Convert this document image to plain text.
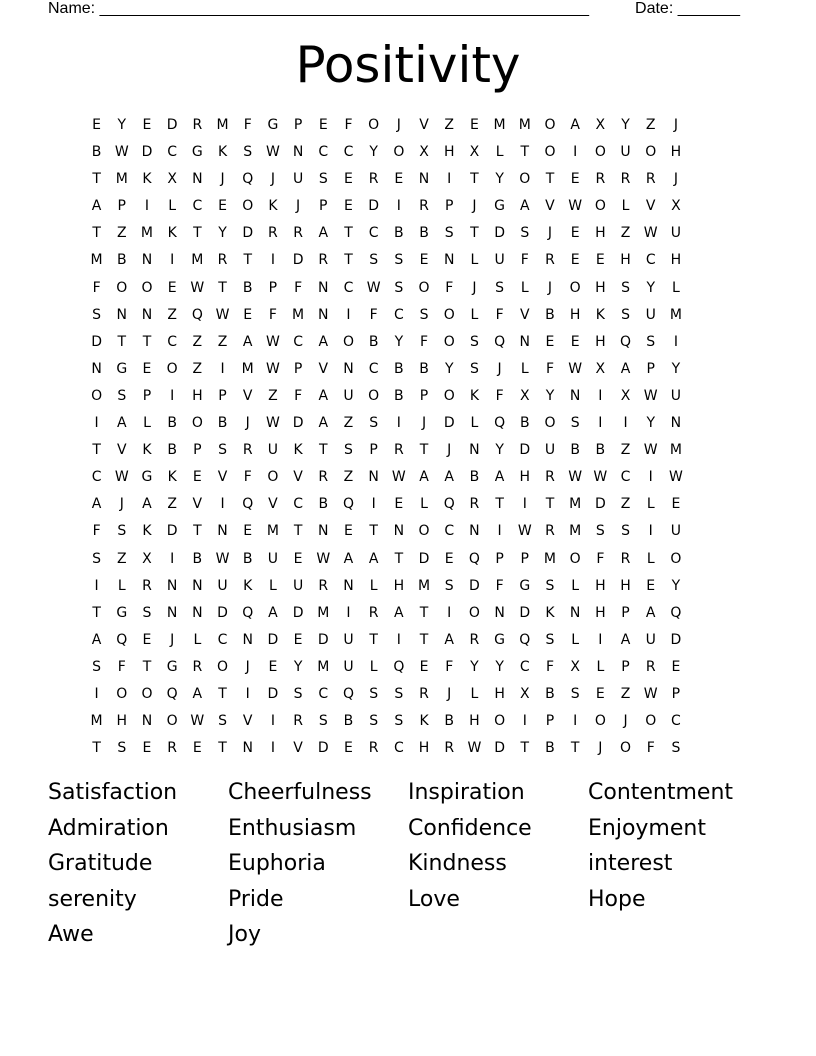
Name: _______________________________________________________	Date: _______
Positivity
E	Y	E	D	R	M	F	G	P	E	F	O	J	V	Z	E	M M O	A	X	Y	Z	J
B W D	C	G	K	S W N	C	C	Y	O	X	H	X	L	T	O	I	O	U	O	H
T	M	K	X	N	J	Q	J	U	S	E	R	E	N	I	T	Y	O	T	E	R	R	R	J
A	P	I	L	C	E	O	K	J	P	E	D	I	R	P	J	G	A	V W O	L	V	X
T	Z	M	K	T	Y	D	R	R	A	T	C	B	B	S	T	D	S	J	E	H	Z W U
M	B	N	I	M	R	T	I	D	R	T	S	S	E	N	L	U	F	R	E	E	H	C	H
F	O	O	E W T	B	P	F	N	C W S	O	F	J	S	L	J	O	H	S	Y	L
S	N	N	Z	Q W E	F	M N	I	F	C	S	O	L	F	V	B	H	K	S	U	M
D	T	T	C	Z	Z	A W C	A	O	B	Y	F	O	S	Q	N	E	E	H	Q	S	I
N	G	E	O	Z	I	M W	P	V	N	C	B	B	Y	S	J	L	F	W X	A	P	Y
O	S	P	I	H	P	V	Z	F	A	U	O	B	P	O	K	F	X	Y	N	I	X W U
I	A	L	B	O	B	J	W D	A	Z	S	I	J	D	L	Q	B	O	S	I	I	Y	N
T	V	K	B	P	S	R	U	K	T	S	P	R	T	J	N	Y	D	U	B	B	Z W M
C W G	K	E	V	F	O	V	R	Z	N W A	A	B	A	H	R W W C	I	W
A	J	A	Z	V	I	Q	V	C	B	Q	I	E	L	Q	R	T	I	T	M D	Z	L	E
F	S	K	D	T	N	E	M	T	N	E	T	N	O	C	N	I	W R	M	S	S	I	U
S	Z	X	I	B W B	U	E W A	A	T	D	E	Q	P	P	M O	F	R	L	O
I	L	R	N	N	U	K	L	U	R	N	L	H M	S	D	F	G	S	L	H	H	E	Y
T	G	S	N	N	D	Q	A	D M	I	R	A	T	I	O	N	D	K	N	H	P	A	Q
A	Q	E	J	L	C	N	D	E	D	U	T	I	T	A	R	G	Q	S	L	I	A	U	D
S	F	T	G	R	O	J	E	Y	M	U	L	Q	E	F	Y	Y	C	F	X	L	P	R	E
I	O	O	Q	A	T	I	D	S	C	Q	S	S	R	J	L	H	X	B	S	E	Z W	P
M H	N	O W S	V	I	R	S	B	S	S	K	B	H	O	I	P	I	O	J	O	C
T	S	E	R	E	T	N	I	V	D	E	R	C	H	R W D	T	B	T	J	O	F	S
Satisfaction Cheerfulness Inspiration	Contentment
Admiration	Enthusiasm Confidence	Enjoyment
Gratitude	Euphoria	Kindness	interest
serenity	Pride	Love	Hope
Awe	Joy
